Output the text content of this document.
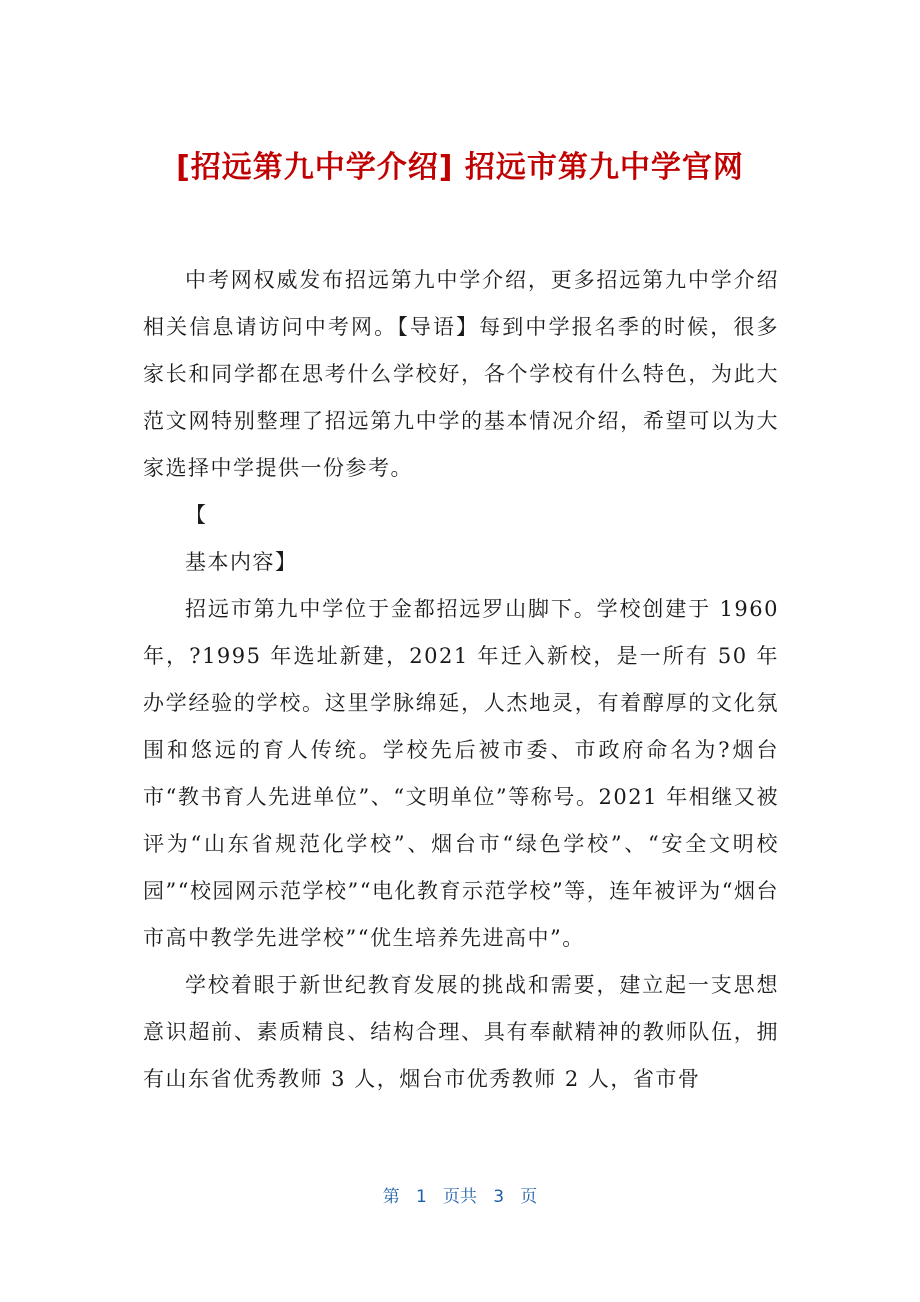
[招远第九中学介绍] 招远市第九中学官网

中考网权威发布招远第九中学介绍，更多招远第九中学介绍相关信息请访问中考网。【导语】每到中学报名季的时候，很多家长和同学都在思考什么学校好，各个学校有什么特色，为此大范文网特别整理了招远第九中学的基本情况介绍，希望可以为大家选择中学提供一份参考。

【

基本内容】

招远市第九中学位于金都招远罗山脚下。学校创建于 1960 年，?1995 年选址新建，2021 年迁入新校，是一所有 50 年办学经验的学校。这里学脉绵延，人杰地灵，有着醇厚的文化氛围和悠远的育人传统。学校先后被市委、市政府命名为?烟台市“教书育人先进单位”、“文明单位”等称号。2021 年相继又被评为“山东省规范化学校”、烟台市“绿色学校”、“安全文明校园”“校园网示范学校”“电化教育示范学校”等，连年被评为“烟台市高中教学先进学校”“优生培养先进高中”。

学校着眼于新世纪教育发展的挑战和需要，建立起一支思想意识超前、素质精良、结构合理、具有奉献精神的教师队伍，拥有山东省优秀教师 3 人，烟台市优秀教师 2 人，省市骨

第 1 页共 3 页
